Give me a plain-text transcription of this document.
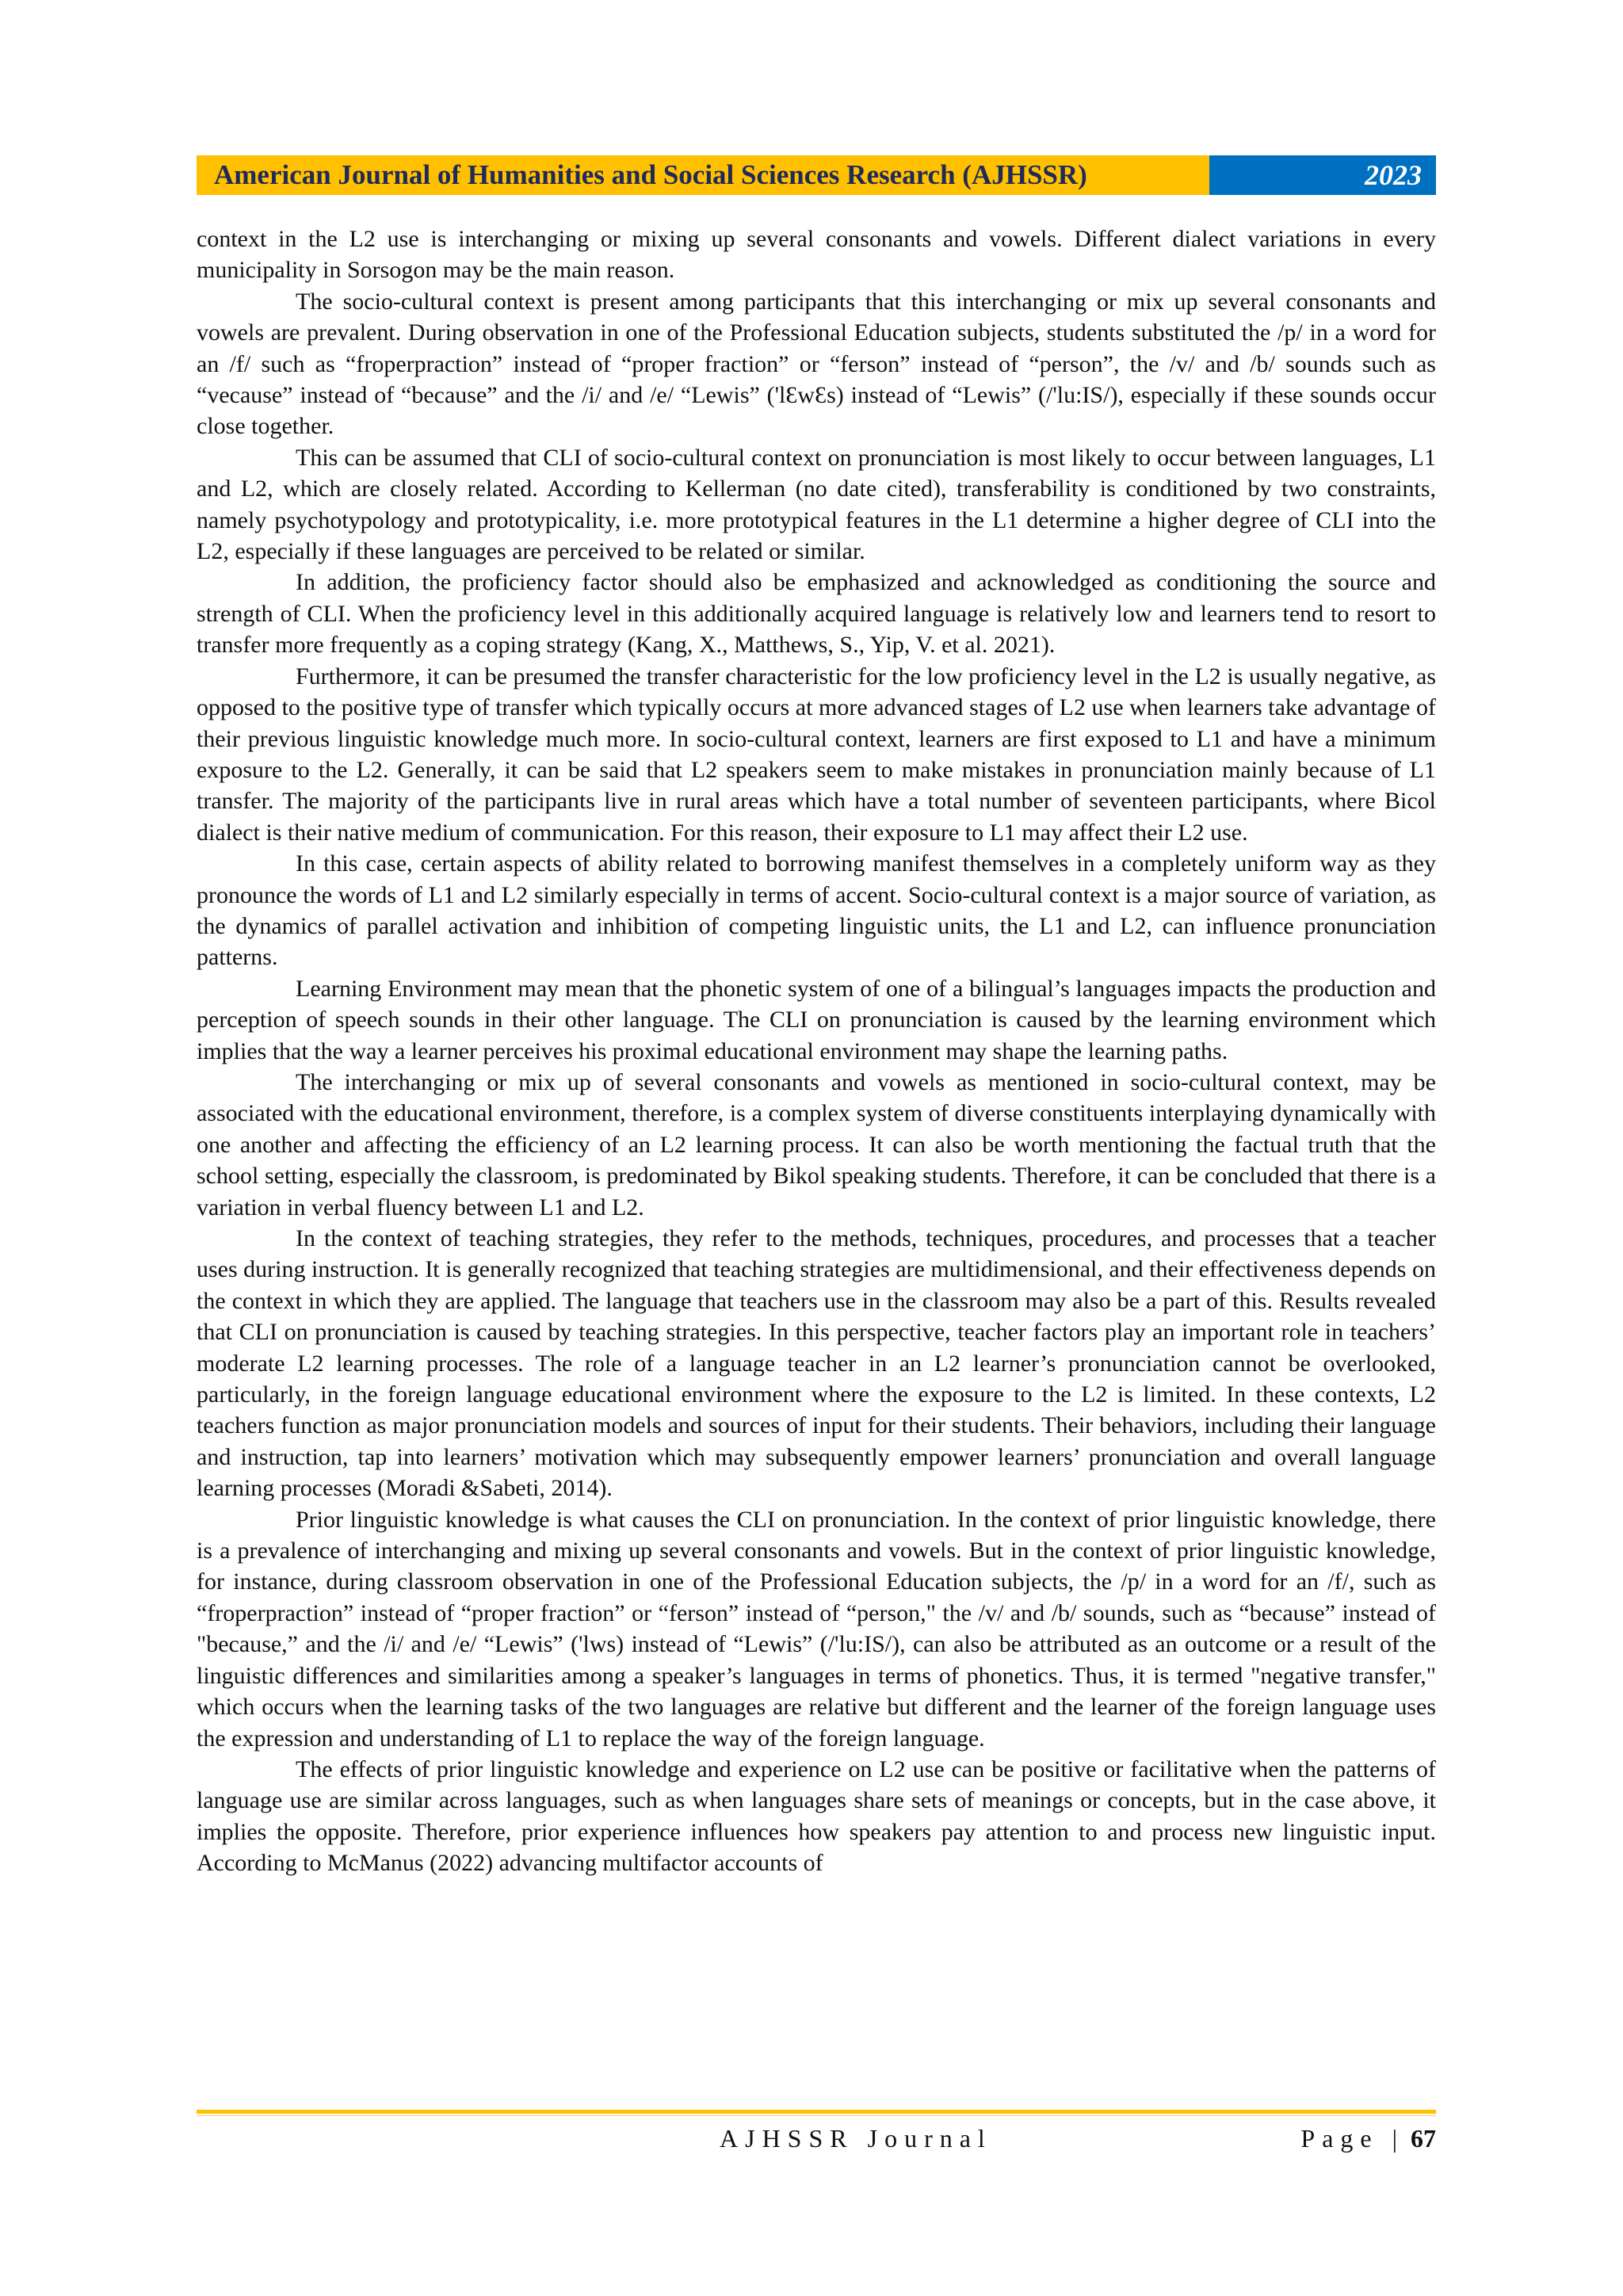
American Journal of Humanities and Social Sciences Research (AJHSSR)	2023

context in the L2 use is interchanging or mixing up several consonants and vowels. Different dialect variations in every municipality in Sorsogon may be the main reason.

The socio-cultural context is present among participants that this interchanging or mix up several consonants and vowels are prevalent. During observation in one of the Professional Education subjects, students substituted the /p/ in a word for an /f/ such as “froperpraction” instead of “proper fraction” or “ferson” instead of “person”, the /v/ and /b/ sounds such as “vecause” instead of “because” and the /i/ and /e/ “Lewis” ('lƐwƐs) instead of “Lewis” (/'lu:IS/), especially if these sounds occur close together.

This can be assumed that CLI of socio-cultural context on pronunciation is most likely to occur between languages, L1 and L2, which are closely related. According to Kellerman (no date cited), transferability is conditioned by two constraints, namely psychotypology and prototypicality, i.e. more prototypical features in the L1 determine a higher degree of CLI into the L2, especially if these languages are perceived to be related or similar.

In addition, the proficiency factor should also be emphasized and acknowledged as conditioning the source and strength of CLI. When the proficiency level in this additionally acquired language is relatively low and learners tend to resort to transfer more frequently as a coping strategy (Kang, X., Matthews, S., Yip, V. et al. 2021).

Furthermore, it can be presumed the transfer characteristic for the low proficiency level in the L2 is usually negative, as opposed to the positive type of transfer which typically occurs at more advanced stages of L2 use when learners take advantage of their previous linguistic knowledge much more. In socio-cultural context, learners are first exposed to L1 and have a minimum exposure to the L2. Generally, it can be said that L2 speakers seem to make mistakes in pronunciation mainly because of L1 transfer. The majority of the participants live in rural areas which have a total number of seventeen participants, where Bicol dialect is their native medium of communication. For this reason, their exposure to L1 may affect their L2 use.

In this case, certain aspects of ability related to borrowing manifest themselves in a completely uniform way as they pronounce the words of L1 and L2 similarly especially in terms of accent. Socio-cultural context is a major source of variation, as the dynamics of parallel activation and inhibition of competing linguistic units, the L1 and L2, can influence pronunciation patterns.

Learning Environment may mean that the phonetic system of one of a bilingual’s languages impacts the production and perception of speech sounds in their other language. The CLI on pronunciation is caused by the learning environment which implies that the way a learner perceives his proximal educational environment may shape the learning paths.

The interchanging or mix up of several consonants and vowels as mentioned in socio-cultural context, may be associated with the educational environment, therefore, is a complex system of diverse constituents interplaying dynamically with one another and affecting the efficiency of an L2 learning process. It can also be worth mentioning the factual truth that the school setting, especially the classroom, is predominated by Bikol speaking students. Therefore, it can be concluded that there is a variation in verbal fluency between L1 and L2.

In the context of teaching strategies, they refer to the methods, techniques, procedures, and processes that a teacher uses during instruction. It is generally recognized that teaching strategies are multidimensional, and their effectiveness depends on the context in which they are applied. The language that teachers use in the classroom may also be a part of this. Results revealed that CLI on pronunciation is caused by teaching strategies. In this perspective, teacher factors play an important role in teachers’ moderate L2 learning processes. The role of a language teacher in an L2 learner’s pronunciation cannot be overlooked, particularly, in the foreign language educational environment where the exposure to the L2 is limited. In these contexts, L2 teachers function as major pronunciation models and sources of input for their students. Their behaviors, including their language and instruction, tap into learners’ motivation which may subsequently empower learners’ pronunciation and overall language learning processes (Moradi &Sabeti, 2014).

Prior linguistic knowledge is what causes the CLI on pronunciation. In the context of prior linguistic knowledge, there is a prevalence of interchanging and mixing up several consonants and vowels. But in the context of prior linguistic knowledge, for instance, during classroom observation in one of the Professional Education subjects, the /p/ in a word for an /f/, such as “froperpraction” instead of “proper fraction” or “ferson” instead of “person," the /v/ and /b/ sounds, such as “because” instead of "because,” and the /i/ and /e/ “Lewis” ('lws) instead of “Lewis” (/'lu:IS/), can also be attributed as an outcome or a result of the linguistic differences and similarities among a speaker’s languages in terms of phonetics. Thus, it is termed "negative transfer," which occurs when the learning tasks of the two languages are relative but different and the learner of the foreign language uses the expression and understanding of L1 to replace the way of the foreign language.

The effects of prior linguistic knowledge and experience on L2 use can be positive or facilitative when the patterns of language use are similar across languages, such as when languages share sets of meanings or concepts, but in the case above, it implies the opposite. Therefore, prior experience influences how speakers pay attention to and process new linguistic input. According to McManus (2022) advancing multifactor accounts of

AJHSSR Journal	Page | 67
